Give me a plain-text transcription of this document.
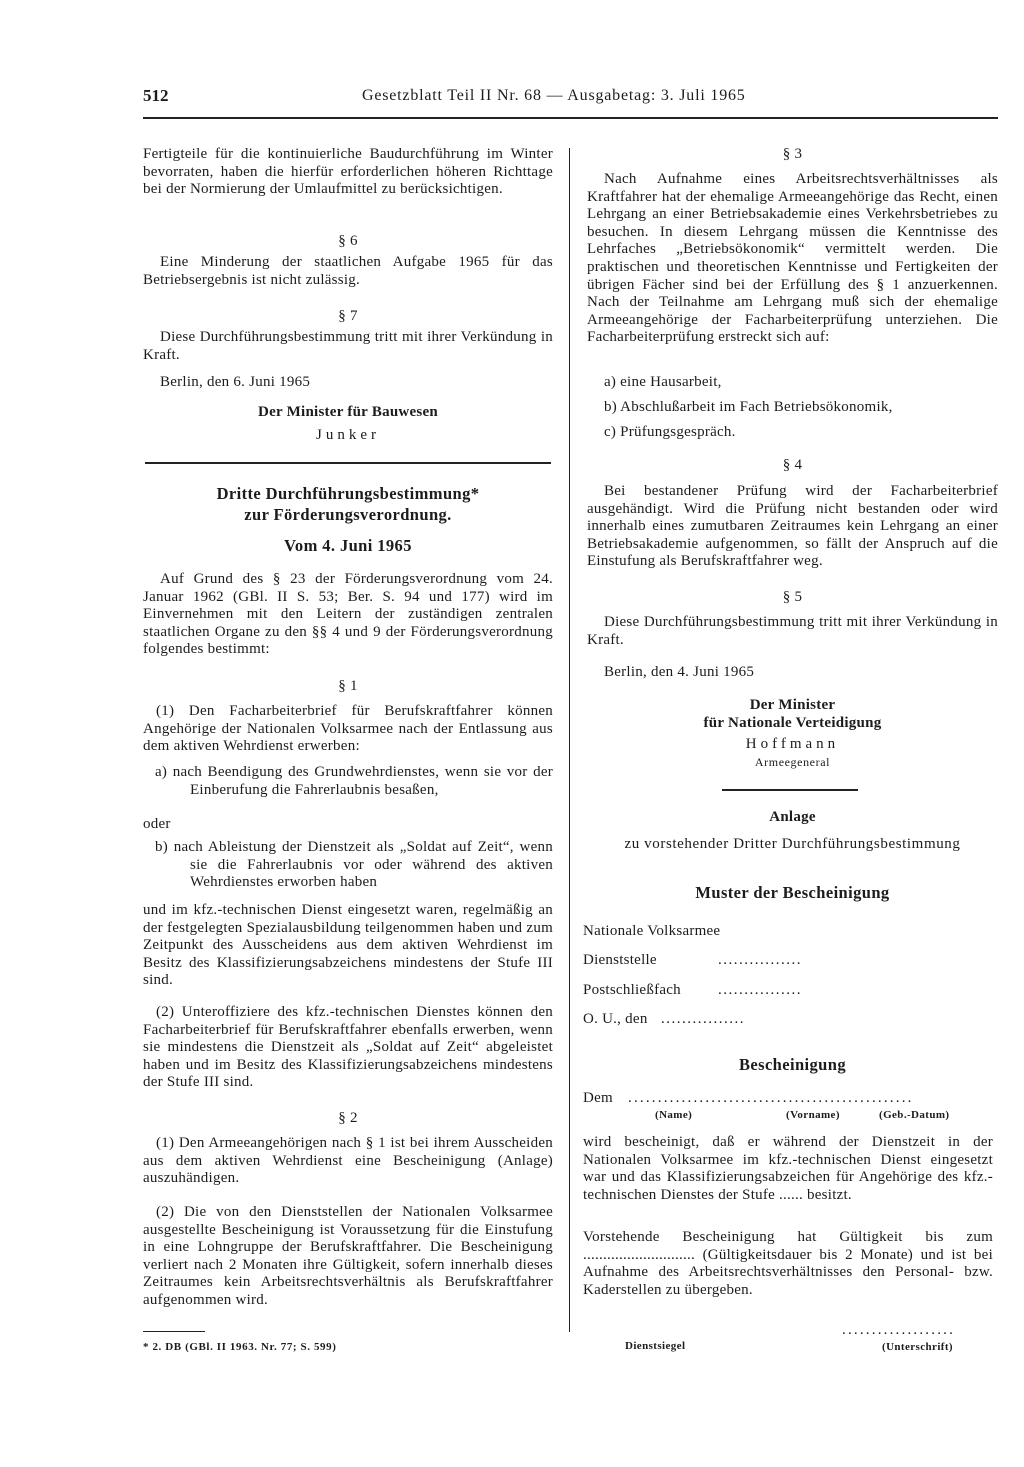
512	Gesetzblatt Teil II Nr. 68 — Ausgabetag: 3. Juli 1965

Fertigteile für die kontinuierliche Baudurchführung im Winter bevorraten, haben die hierfür erforderlichen höheren Richttage bei der Normierung der Umlaufmittel zu berücksichtigen.

§ 6

Eine Minderung der staatlichen Aufgabe 1965 für das Betriebsergebnis ist nicht zulässig.

§ 7

Diese Durchführungsbestimmung tritt mit ihrer Verkündung in Kraft.

Berlin, den 6. Juni 1965

Der Minister für Bauwesen

Junker

Dritte Durchführungsbestimmung*

zur Förderungsverordnung.

Vom 4. Juni 1965

Auf Grund des § 23 der Förderungsverordnung vom 24. Januar 1962 (GBl. II S. 53; Ber. S. 94 und 177) wird im Einvernehmen mit den Leitern der zuständigen zentralen staatlichen Organe zu den §§ 4 und 9 der Förderungsverordnung folgendes bestimmt:

§ 1

(1) Den Facharbeiterbrief für Berufskraftfahrer können Angehörige der Nationalen Volksarmee nach der Entlassung aus dem aktiven Wehrdienst erwerben:

a) nach Beendigung des Grundwehrdienstes, wenn sie vor der Einberufung die Fahrerlaubnis besaßen,

oder

b) nach Ableistung der Dienstzeit als „Soldat auf Zeit“, wenn sie die Fahrerlaubnis vor oder während des aktiven Wehrdienstes erworben haben

und im kfz.-technischen Dienst eingesetzt waren, regelmäßig an der festgelegten Spezialausbildung teilgenommen haben und zum Zeitpunkt des Ausscheidens aus dem aktiven Wehrdienst im Besitz des Klassifizierungsabzeichens mindestens der Stufe III sind.

(2) Unteroffiziere des kfz.-technischen Dienstes können den Facharbeiterbrief für Berufskraftfahrer ebenfalls erwerben, wenn sie mindestens die Dienstzeit als „Soldat auf Zeit“ abgeleistet haben und im Besitz des Klassifizierungsabzeichens mindestens der Stufe III sind.

§ 2

(1) Den Armeeangehörigen nach § 1 ist bei ihrem Ausscheiden aus dem aktiven Wehrdienst eine Bescheinigung (Anlage) auszuhändigen.

(2) Die von den Dienststellen der Nationalen Volksarmee ausgestellte Bescheinigung ist Voraussetzung für die Einstufung in eine Lohngruppe der Berufskraftfahrer. Die Bescheinigung verliert nach 2 Monaten ihre Gültigkeit, sofern innerhalb dieses Zeitraumes kein Arbeitsrechtsverhältnis als Berufskraftfahrer aufgenommen wird.

* 2. DB (GBl. II 1963. Nr. 77; S. 599)

§ 3

Nach Aufnahme eines Arbeitsrechtsverhältnisses als Kraftfahrer hat der ehemalige Armeeangehörige das Recht, einen Lehrgang an einer Betriebsakademie eines Verkehrsbetriebes zu besuchen. In diesem Lehrgang müssen die Kenntnisse des Lehrfaches „Betriebsökonomik“ vermittelt werden. Die praktischen und theoretischen Kenntnisse und Fertigkeiten der übrigen Fächer sind bei der Erfüllung des § 1 anzuerkennen. Nach der Teilnahme am Lehrgang muß sich der ehemalige Armeeangehörige der Facharbeiterprüfung unterziehen. Die Facharbeiterprüfung erstreckt sich auf:

a) eine Hausarbeit,

b) Abschlußarbeit im Fach Betriebsökonomik,

c) Prüfungsgespräch.

§ 4

Bei bestandener Prüfung wird der Facharbeiterbrief ausgehändigt. Wird die Prüfung nicht bestanden oder wird innerhalb eines zumutbaren Zeitraumes kein Lehrgang an einer Betriebsakademie aufgenommen, so fällt der Anspruch auf die Einstufung als Berufskraftfahrer weg.

§ 5

Diese Durchführungsbestimmung tritt mit ihrer Verkündung in Kraft.

Berlin, den 4. Juni 1965

Der Minister

für Nationale Verteidigung

Hoffmann

Armeegeneral

Anlage

zu vorstehender Dritter Durchführungsbestimmung

Muster der Bescheinigung

Nationale Volksarmee

Dienststelle	................
Postschließfach ................
O. U., den ................

Bescheinigung

Dem ................................................
(Name)	(Vorname)	(Geb.-Datum)

wird bescheinigt, daß er während der Dienstzeit in der Nationalen Volksarmee im kfz.-technischen Dienst eingesetzt war und das Klassifizierungsabzeichen für Angehörige des kfz.-technischen Dienstes der Stufe ...... besitzt.

Vorstehende Bescheinigung hat Gültigkeit bis zum ............................ (Gültigkeitsdauer bis 2 Monate) und ist bei Aufnahme des Arbeitsrechtsverhältnisses den Personal- bzw. Kaderstellen zu übergeben.

...................
Dienstsiegel	(Unterschrift)
